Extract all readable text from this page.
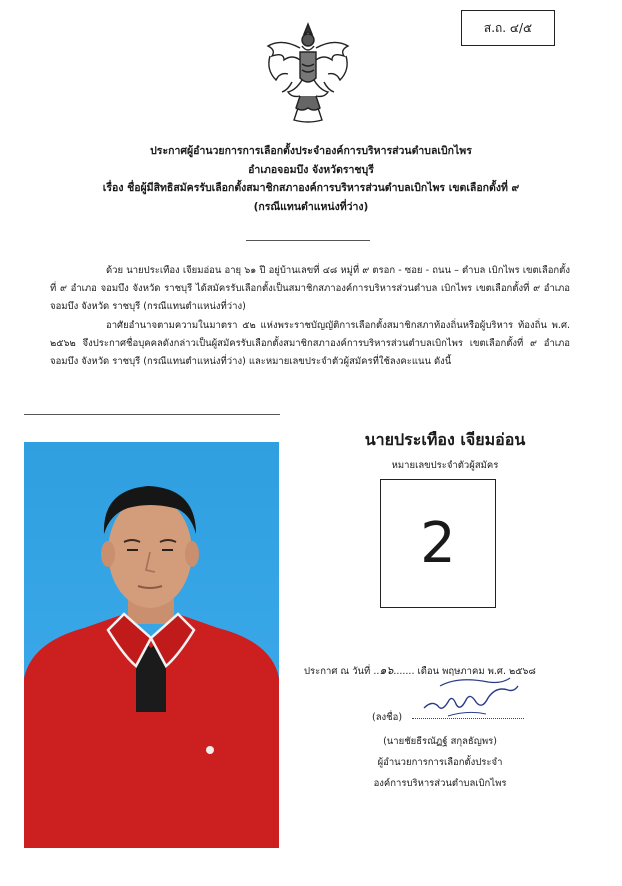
ส.ถ. ๔/๕
ประกาศผู้อำนวยการการเลือกตั้งประจำองค์การบริหารส่วนตำบลเบิกไพร
อำเภอจอมบึง จังหวัดราชบุรี
เรื่อง ชื่อผู้มีสิทธิสมัครรับเลือกตั้งสมาชิกสภาองค์การบริหารส่วนตำบลเบิกไพร เขตเลือกตั้งที่ ๙
(กรณีแทนตำแหน่งที่ว่าง)
ด้วย นายประเทือง เจียมอ่อน อายุ ๖๑ ปี อยู่บ้านเลขที่ ๔๘ หมู่ที่ ๙ ตรอก - ซอย - ถนน – ตำบล เบิกไพร เขตเลือกตั้งที่ ๙ อำเภอ จอมบึง จังหวัด ราชบุรี ได้สมัครรับเลือกตั้งเป็นสมาชิกสภาองค์การบริหารส่วนตำบล เบิกไพร เขตเลือกตั้งที่ ๙ อำเภอ จอมบึง จังหวัด ราชบุรี (กรณีแทนตำแหน่งที่ว่าง)
อาศัยอำนาจตามความในมาตรา ๕๒ แห่งพระราชบัญญัติการเลือกตั้งสมาชิกสภาท้องถิ่นหรือผู้บริหาร ท้องถิ่น พ.ศ. ๒๕๖๒ จึงประกาศชื่อบุคคลดังกล่าวเป็นผู้สมัครรับเลือกตั้งสมาชิกสภาองค์การบริหารส่วนตำบลเบิกไพร เขตเลือกตั้งที่ ๙ อำเภอ จอมบึง จังหวัด ราชบุรี (กรณีแทนตำแหน่งที่ว่าง) และหมายเลขประจำตัวผู้สมัครที่ใช้ลงคะแนน ดังนี้
นายประเทือง เจียมอ่อน
หมายเลขประจำตัวผู้สมัคร
2
ประกาศ ณ วันที่ ..๑๖....... เดือน พฤษภาคม พ.ศ. ๒๕๖๘
(ลงชื่อ)
(นายชัยธีรณัฏฐ์ สกุลธัญพร)
ผู้อำนวยการการเลือกตั้งประจำ
องค์การบริหารส่วนตำบลเบิกไพร
